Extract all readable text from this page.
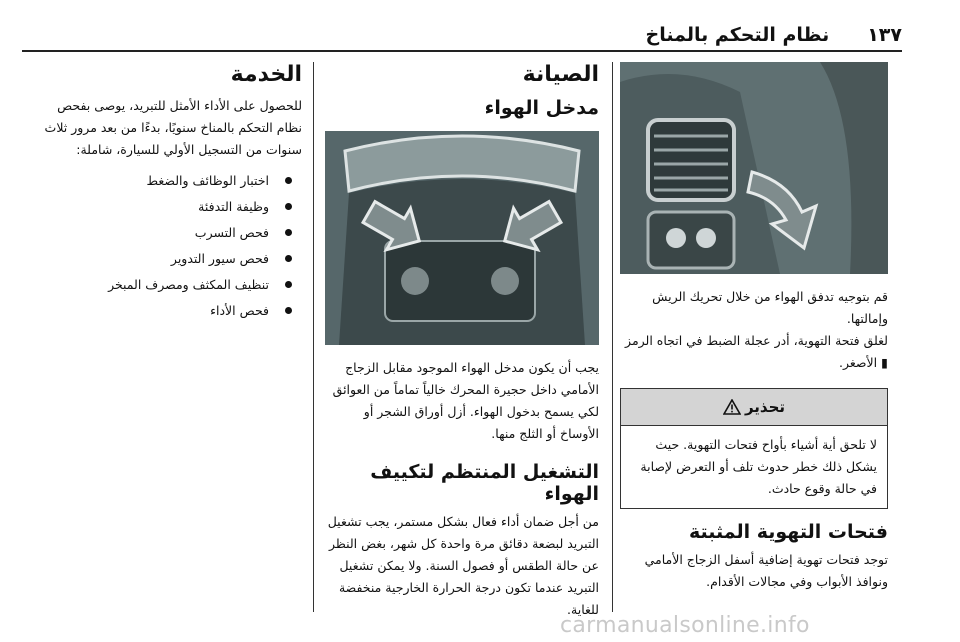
١٣٧
نظام التحكم بالمناخ

قم بتوجيه تدفق الهواء من خلال تحريك الريش وإمالتها.

لغلق فتحة التهوية، أدر عجلة الضبط في اتجاه الرمز ▮ الأصغر.

تحذير
لا تلحق أية أشياء بأواح فتحات التهوية. حيث يشكل ذلك خطر حدوث تلف أو التعرض لإصابة في حالة وقوع حادث.
فتحات التهوية المثبتة

توجد فتحات تهوية إضافية أسفل الزجاج الأمامي ونوافذ الأبواب وفي مجالات الأقدام.

الصيانة
مدخل الهواء

يجب أن يكون مدخل الهواء الموجود مقابل الزجاج الأمامي داخل حجيرة المحرك خالياً تماماً من العوائق لكي يسمح بدخول الهواء. أزل أوراق الشجر أو الأوساخ أو الثلج منها.

التشغيل المنتظم لتكييف الهواء

من أجل ضمان أداء فعال بشكل مستمر، يجب تشغيل التبريد لبضعة دقائق مرة واحدة كل شهر، بغض النظر عن حالة الطقس أو فصول السنة. ولا يمكن تشغيل التبريد عندما تكون درجة الحرارة الخارجية منخفضة للغاية.

الخدمة

للحصول على الأداء الأمثل للتبريد، يوصى بفحص نظام التحكم بالمناخ سنويًا، بدءًا من بعد مرور ثلاث سنوات من التسجيل الأولي للسيارة، شاملة:

اختبار الوظائف والضغط
وظيفة التدفئة
فحص التسرب
فحص سيور التدوير
تنظيف المكثف ومصرف المبخر
فحص الأداء
carmanualsonline.info
